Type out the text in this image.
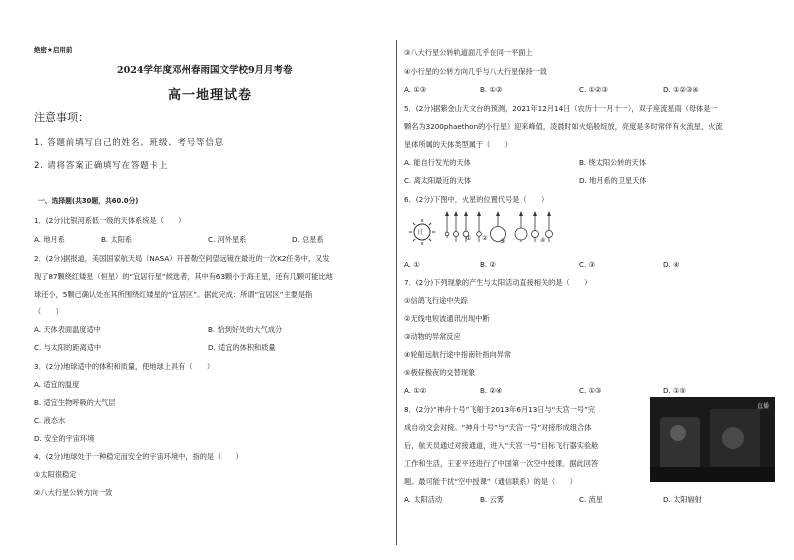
绝密★启用前
2024学年度邓州春雨国文学校9月月考卷
高一地理试卷
注意事项：
1. 答题前填写自己的姓名、班级、考号等信息
2. 请将答案正确填写在答题卡上
一、选择题(共30题，共60.0分)
1．(2分)比银河系低一级的天体系统是（　　）
A. 地月系	B. 太阳系	C. 河外星系	D. 总星系
2．(2分)据报道，美国国家航天局（NASA）开普勒空间望远镜在最近的一次K2任务中，又发
现了87颗绕红矮星（恒星）的“宜居行星”候选者，其中有63颗小于海王星，还有几颗可能比地
球还小，5颗已确认处在其所围绕红矮星的“宜居区”。据此完成：所谓“宜居区”主要是指
（　　）
A. 天体表面温度适中	B. 恰到好处的大气成分
C. 与太阳的距离适中	D. 适宜的体积和质量
3．(2分)地球适中的体积和质量，使地球上具有（　　）
A. 适宜的温度
B. 适宜生物呼吸的大气层
C. 液态水
D. 安全的宇宙环境
4．(2分)地球处于一种稳定而安全的宇宙环境中，指的是（　　）
①太阳很稳定
②八大行星公转方向一致
③八大行星公转轨道面几乎在同一平面上
④小行星的公转方向几乎与八大行星保持一致
A. ①③	B. ①②	C. ①②③	D. ①②③④
5．(2分)据紫金山天文台的预测，2021年12月14日（农历十一月十一），双子座流星雨（母体是一
颗名为3200phaethon的小行星）迎来峰值，凌晨时如火焰般绽放，亮度是多时常伴有火流星，火流
星体所属的天体类型属于（　　）
A. 能自行发光的天体	B. 绕太阳公转的天体
C. 离太阳最近的天体	D. 地月系的卫星天体
6．(2分)下图中，火星的位置代号是（　　）
日
① ② ③	④
A. ①	B. ②	C. ③	D. ④
7．(2分)下列现象的产生与太阳活动直接相关的是（　　）
①信鸽飞行途中失踪
②无线电短波通讯出现中断
③动物的异常反应
④轮船远航行途中指南针指向异常
⑤极昼极夜的交替现象
A. ①②	B. ②④	C. ①③	D. ①⑤
8．(2分)“神舟十号”飞船于2013年6月13日与“天宫一号”完
成自动交会对接。“神舟十号”与“天宫一号”对接形成组合体
后，航天员通过对接通道，进入“天宫一号”目标飞行器实验舱
工作和生活，王亚平还进行了中国第一次空中授课。据此回答
题。最可能干扰“空中授课”（通信联系）的是（　　）
直播
A. 太阳活动	B. 云雾	C. 流星	D. 太阳辐射
